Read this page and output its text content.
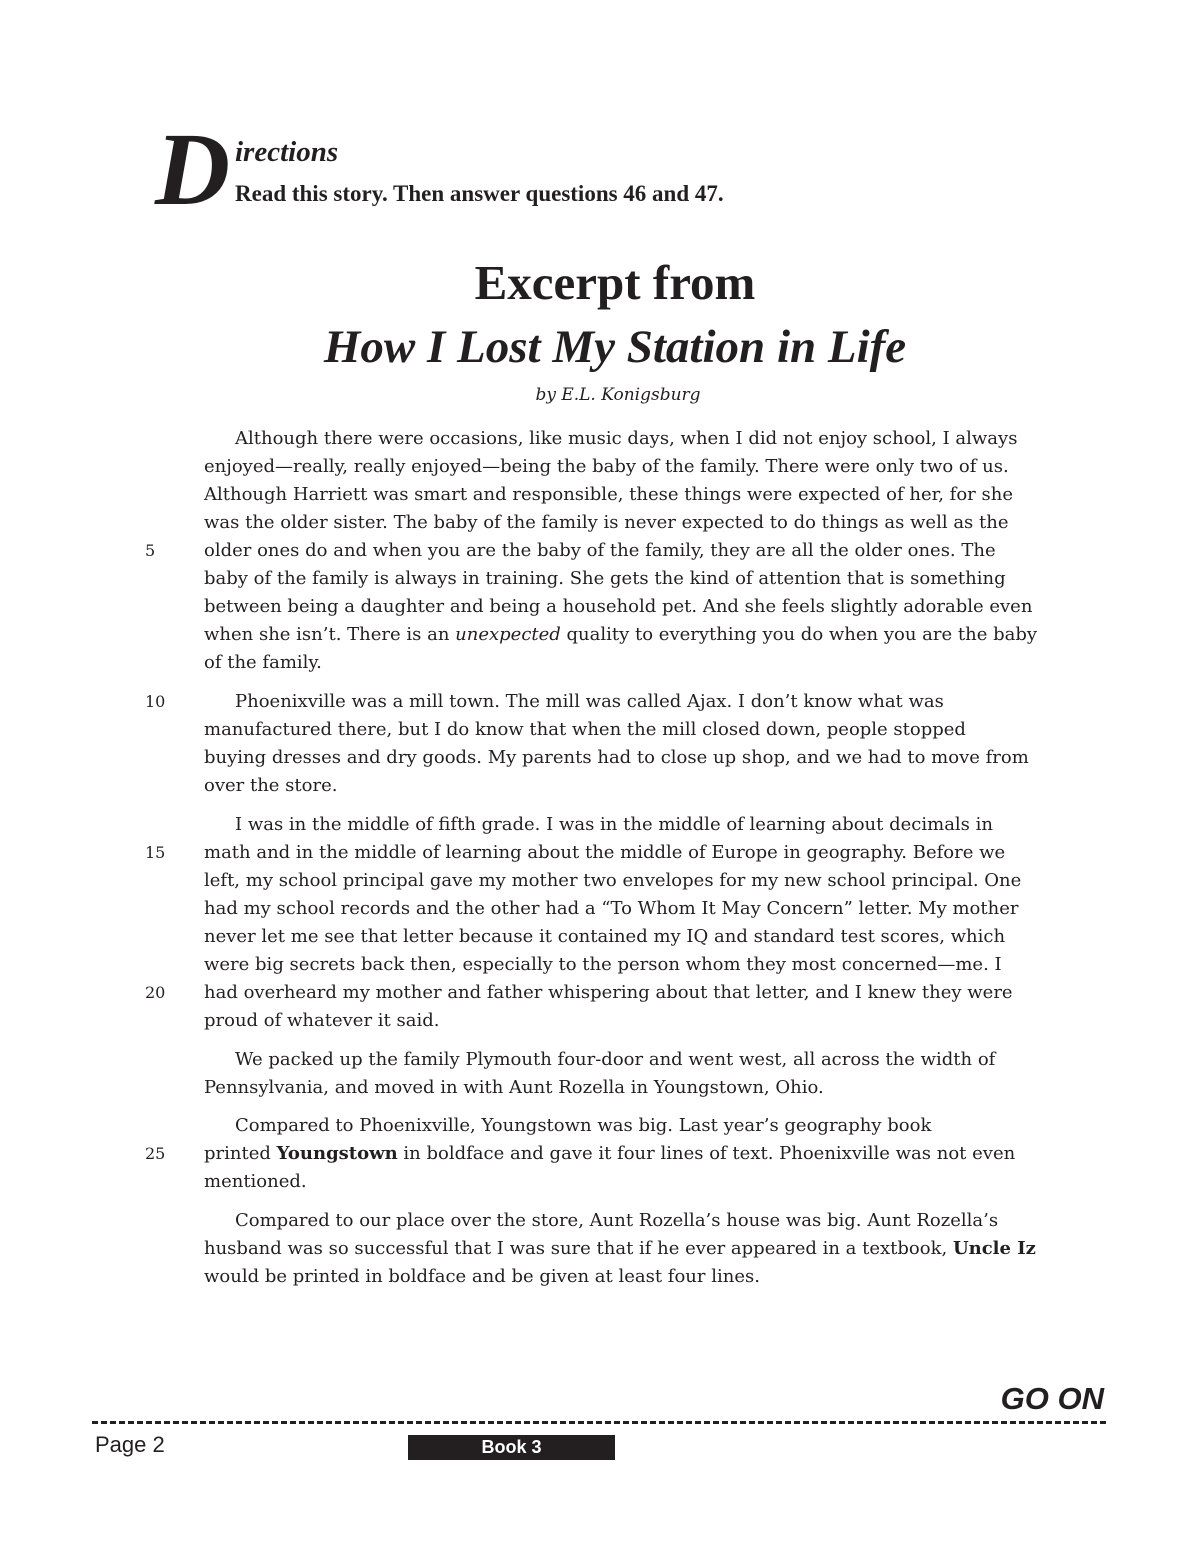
D irections
Read this story. Then answer questions 46 and 47.
Excerpt from
How I Lost My Station in Life
by E.L. Konigsburg
Although there were occasions, like music days, when I did not enjoy school, I always
enjoyed—really, really enjoyed—being the baby of the family. There were only two of us.
Although Harriett was smart and responsible, these things were expected of her, for she
was the older sister. The baby of the family is never expected to do things as well as the
older ones do and when you are the baby of the family, they are all the older ones. The
baby of the family is always in training. She gets the kind of attention that is something
between being a daughter and being a household pet. And she feels slightly adorable even
when she isn’t. There is an unexpected quality to everything you do when you are the baby
of the family.
Phoenixville was a mill town. The mill was called Ajax. I don’t know what was
manufactured there, but I do know that when the mill closed down, people stopped
buying dresses and dry goods. My parents had to close up shop, and we had to move from
over the store.
I was in the middle of fifth grade. I was in the middle of learning about decimals in
math and in the middle of learning about the middle of Europe in geography. Before we
left, my school principal gave my mother two envelopes for my new school principal. One
had my school records and the other had a “To Whom It May Concern” letter. My mother
never let me see that letter because it contained my IQ and standard test scores, which
were big secrets back then, especially to the person whom they most concerned—me. I
had overheard my mother and father whispering about that letter, and I knew they were
proud of whatever it said.
We packed up the family Plymouth four-door and went west, all across the width of
Pennsylvania, and moved in with Aunt Rozella in Youngstown, Ohio.
Compared to Phoenixville, Youngstown was big. Last year’s geography book
printed Youngstown in boldface and gave it four lines of text. Phoenixville was not even
mentioned.
Compared to our place over the store, Aunt Rozella’s house was big. Aunt Rozella’s
husband was so successful that I was sure that if he ever appeared in a textbook, Uncle Iz
would be printed in boldface and be given at least four lines.
5
10
15
20
25
GO ON
Page 2	Book 3
